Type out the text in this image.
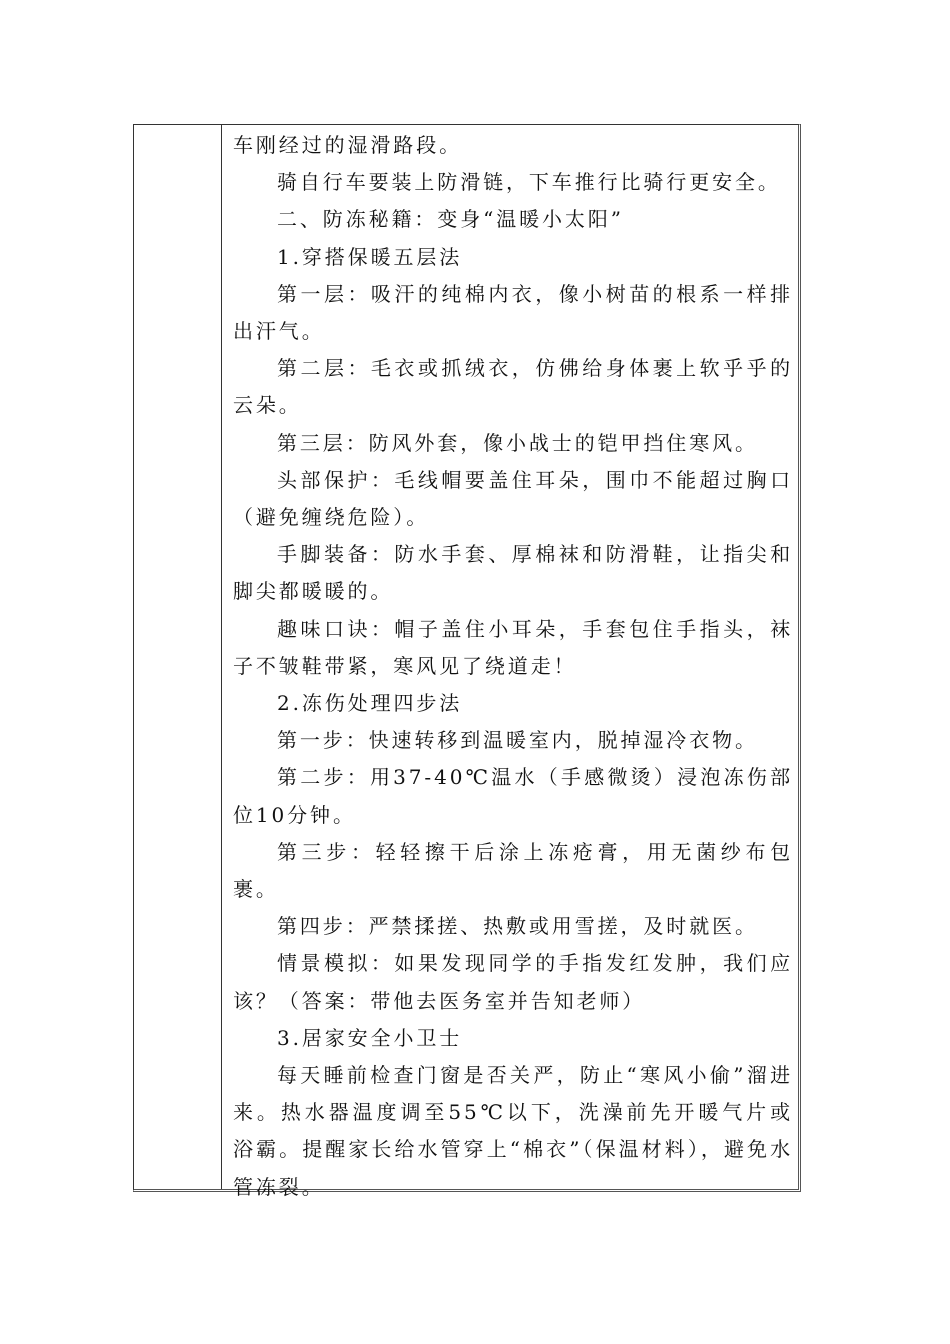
车刚经过的湿滑路段。

骑自行车要装上防滑链，下车推行比骑行更安全。

二、防冻秘籍：变身“温暖小太阳”

1.穿搭保暖五层法

第一层：吸汗的纯棉内衣，像小树苗的根系一样排出汗气。

第二层：毛衣或抓绒衣，仿佛给身体裹上软乎乎的云朵。

第三层：防风外套，像小战士的铠甲挡住寒风。

头部保护：毛线帽要盖住耳朵，围巾不能超过胸口（避免缠绕危险）。

手脚装备：防水手套、厚棉袜和防滑鞋，让指尖和脚尖都暖暖的。

趣味口诀：帽子盖住小耳朵，手套包住手指头，袜子不皱鞋带紧，寒风见了绕道走！

2.冻伤处理四步法

第一步：快速转移到温暖室内，脱掉湿冷衣物。

第二步：用37-40℃温水（手感微烫）浸泡冻伤部位10分钟。

第三步：轻轻擦干后涂上冻疮膏，用无菌纱布包裹。

第四步：严禁揉搓、热敷或用雪搓，及时就医。

情景模拟：如果发现同学的手指发红发肿，我们应该？（答案：带他去医务室并告知老师）

3.居家安全小卫士

每天睡前检查门窗是否关严，防止“寒风小偷”溜进来。热水器温度调至55℃以下，洗澡前先开暖气片或浴霸。提醒家长给水管穿上“棉衣”（保温材料），避免水管冻裂。
